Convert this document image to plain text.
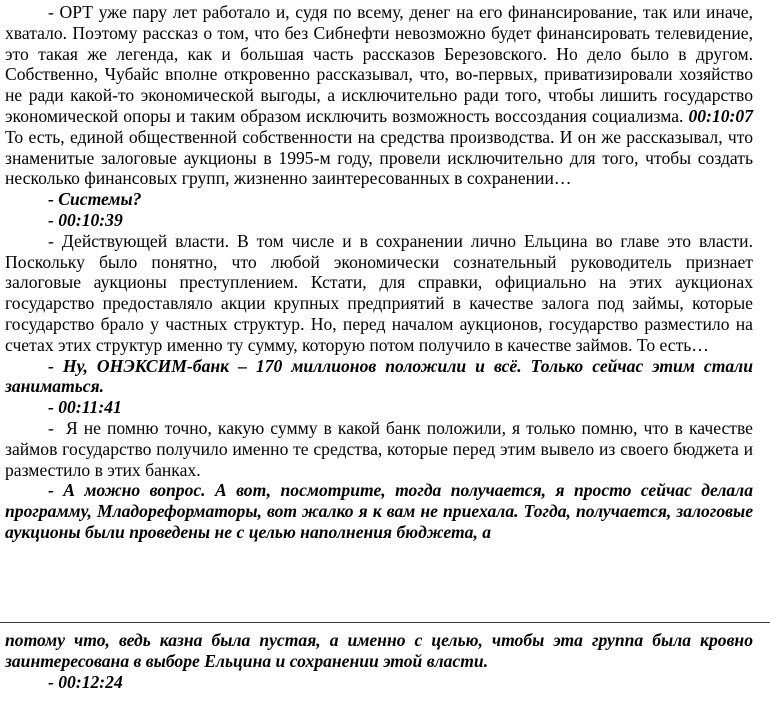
- ОРТ уже пару лет работало и, судя по всему, денег на его финансирование, так или иначе, хватало. Поэтому рассказ о том, что без Сибнефти невозможно будет финансировать телевидение, это такая же легенда, как и большая часть рассказов Березовского. Но дело было в другом. Собственно, Чубайс вполне откровенно рассказывал, что, во-первых, приватизировали хозяйство не ради какой-то экономической выгоды, а исключительно ради того, чтобы лишить государство экономической опоры и таким образом исключить возможность воссоздания социализма. 00:10:07 То есть, единой общественной собственности на средства производства. И он же рассказывал, что знаменитые залоговые аукционы в 1995-м году, провели исключительно для того, чтобы создать несколько финансовых групп, жизненно заинтересованных в сохранении…

- Системы?

- 00:10:39

- Действующей власти. В том числе и в сохранении лично Ельцина во главе это власти. Поскольку было понятно, что любой экономически сознательный руководитель признает залоговые аукционы преступлением. Кстати, для справки, официально на этих аукционах государство предоставляло акции крупных предприятий в качестве залога под займы, которые государство брало у частных структур. Но, перед началом аукционов, государство разместило на счетах этих структур именно ту сумму, которую потом получило в качестве займов. То есть…

- Ну, ОНЭКСИМ-банк – 170 миллионов положили и всё. Только сейчас этим стали заниматься.

- 00:11:41

-  Я не помню точно, какую сумму в какой банк положили, я только помню, что в качестве займов государство получило именно те средства, которые перед этим вывело из своего бюджета и разместило в этих банках.

- А можно вопрос. А вот, посмотрите, тогда получается, я просто сейчас делала программу, Младореформаторы, вот жалко я к вам не приехала. Тогда, получается, залоговые аукционы были проведены не с целью наполнения бюджета, а

потому что, ведь казна была пустая, а именно с целью, чтобы эта группа была кровно заинтересована в выборе Ельцина и сохранении этой власти.

- 00:12:24
